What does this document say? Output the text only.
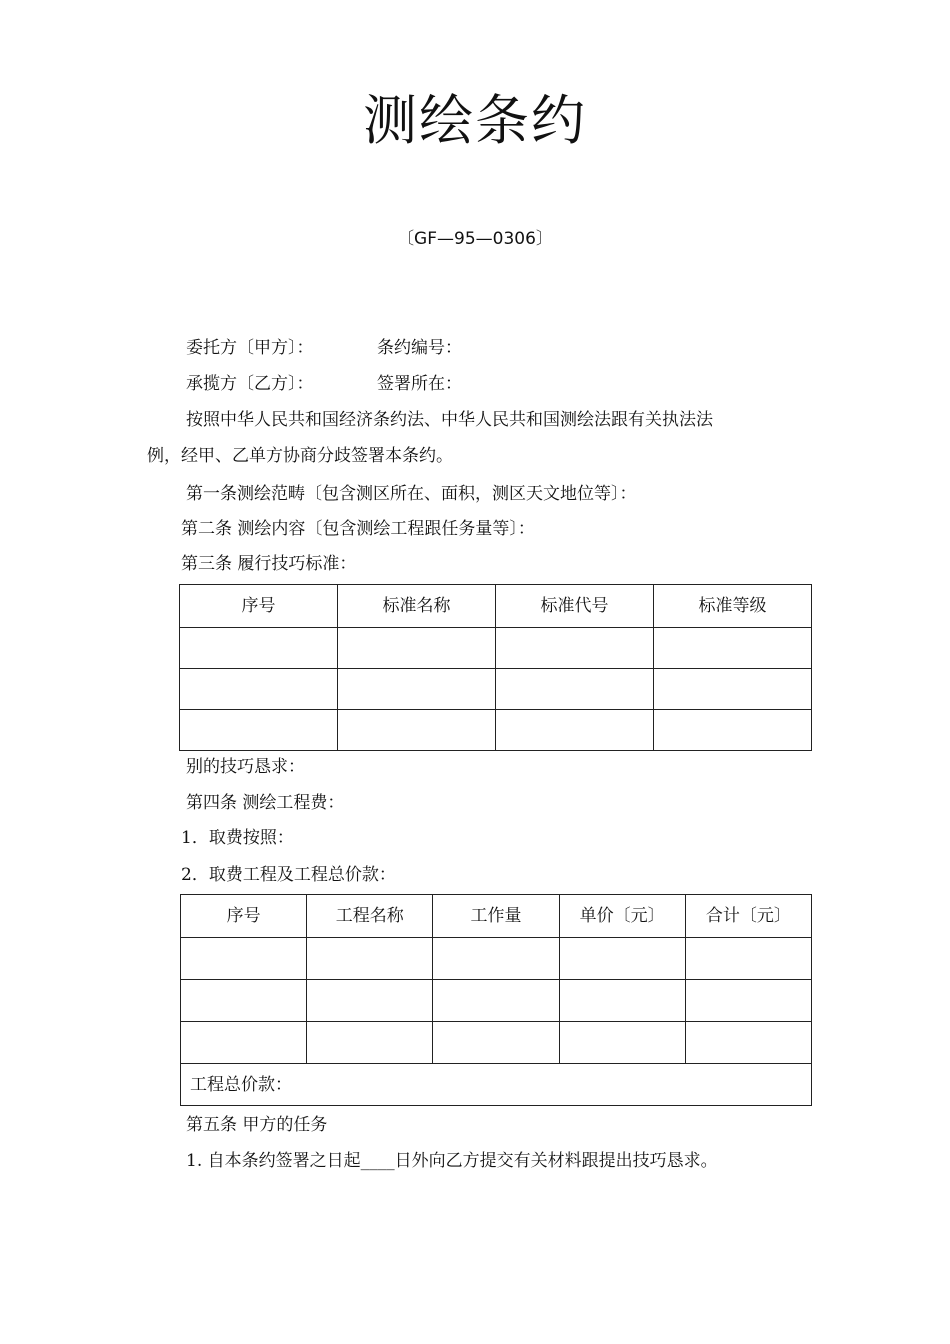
测绘条约
〔GF—95—0306〕
委托方〔甲方〕：	条约编号：
承揽方〔乙方〕：	签署所在：
按照中华人民共和国经济条约法、中华人民共和国测绘法跟有关执法法
例，经甲、乙单方协商分歧签署本条约。
第一条测绘范畴〔包含测区所在、面积，测区天文地位等〕：
第二条 测绘内容〔包含测绘工程跟任务量等〕：
第三条 履行技巧标准：
序号	标准名称	标准代号	标准等级

别的技巧恳求：
第四条 测绘工程费：
1．取费按照：
2．取费工程及工程总价款：
序号	工程名称	工作量	单价〔元〕	合计〔元〕

工程总价款：				
第五条 甲方的任务
1. 自本条约签署之日起____日外向乙方提交有关材料跟提出技巧恳求。
